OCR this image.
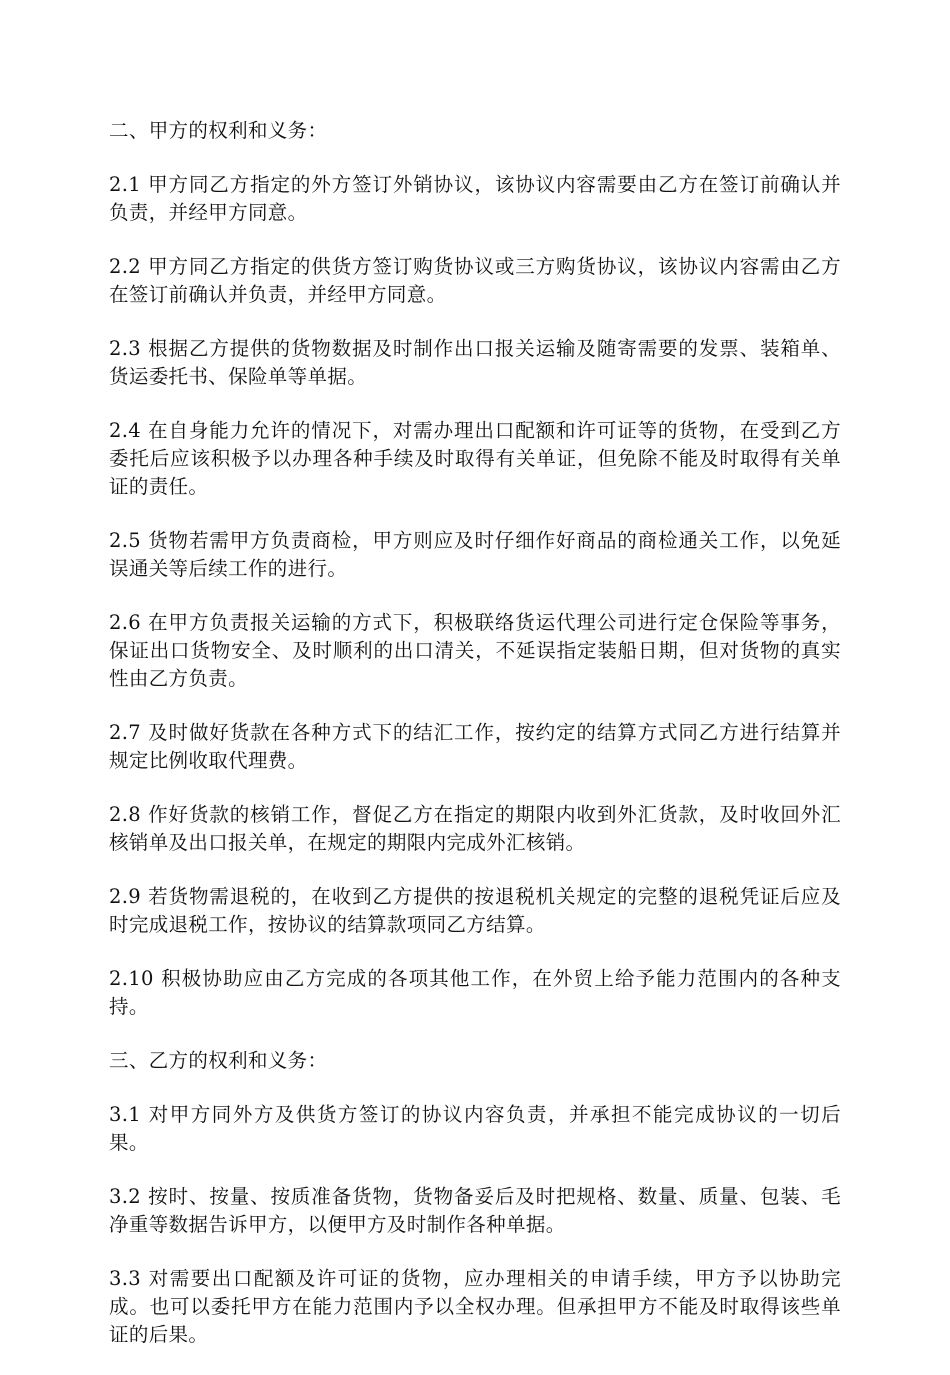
二、甲方的权利和义务：

2.1 甲方同乙方指定的外方签订外销协议，该协议内容需要由乙方在签订前确认并负责，并经甲方同意。

2.2 甲方同乙方指定的供货方签订购货协议或三方购货协议，该协议内容需由乙方在签订前确认并负责，并经甲方同意。

2.3 根据乙方提供的货物数据及时制作出口报关运输及随寄需要的发票、装箱单、货运委托书、保险单等单据。

2.4 在自身能力允许的情况下，对需办理出口配额和许可证等的货物，在受到乙方委托后应该积极予以办理各种手续及时取得有关单证，但免除不能及时取得有关单证的责任。

2.5 货物若需甲方负责商检，甲方则应及时仔细作好商品的商检通关工作，以免延误通关等后续工作的进行。

2.6 在甲方负责报关运输的方式下，积极联络货运代理公司进行定仓保险等事务，保证出口货物安全、及时顺利的出口清关，不延误指定装船日期，但对货物的真实性由乙方负责。

2.7 及时做好货款在各种方式下的结汇工作，按约定的结算方式同乙方进行结算并规定比例收取代理费。

2.8 作好货款的核销工作，督促乙方在指定的期限内收到外汇货款，及时收回外汇核销单及出口报关单，在规定的期限内完成外汇核销。

2.9 若货物需退税的，在收到乙方提供的按退税机关规定的完整的退税凭证后应及时完成退税工作，按协议的结算款项同乙方结算。

2.10 积极协助应由乙方完成的各项其他工作，在外贸上给予能力范围内的各种支持。

三、乙方的权利和义务：

3.1 对甲方同外方及供货方签订的协议内容负责，并承担不能完成协议的一切后果。

3.2 按时、按量、按质准备货物，货物备妥后及时把规格、数量、质量、包装、毛净重等数据告诉甲方，以便甲方及时制作各种单据。

3.3 对需要出口配额及许可证的货物，应办理相关的申请手续，甲方予以协助完成。也可以委托甲方在能力范围内予以全权办理。但承担甲方不能及时取得该些单证的后果。
